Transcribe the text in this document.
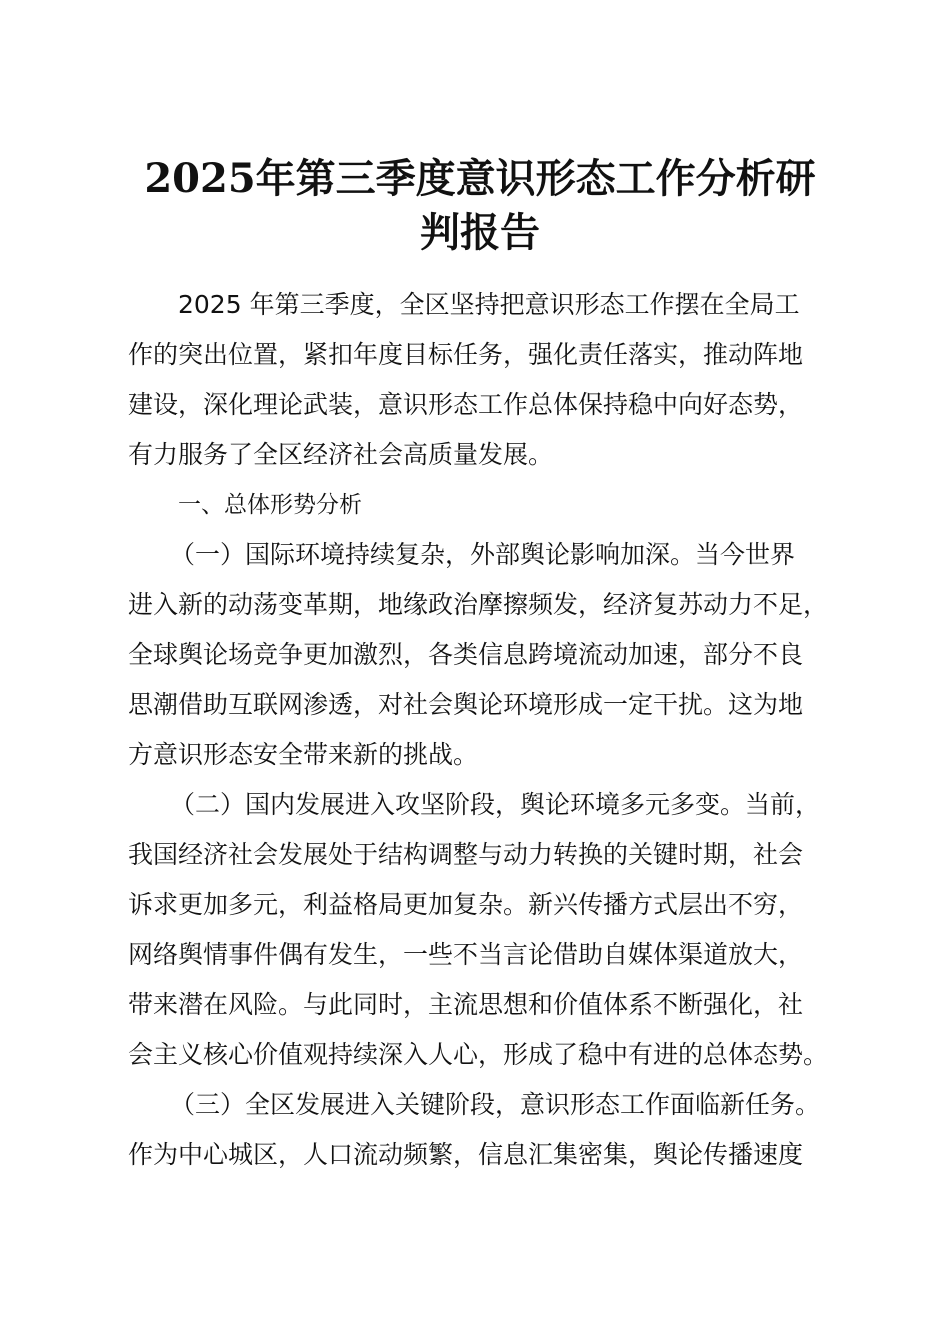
2025年第三季度意识形态工作分析研
判报告
2025 年第三季度，全区坚持把意识形态工作摆在全局工
作的突出位置，紧扣年度目标任务，强化责任落实，推动阵地
建设，深化理论武装，意识形态工作总体保持稳中向好态势，
有力服务了全区经济社会高质量发展。
一、总体形势分析
（一）国际环境持续复杂，外部舆论影响加深。当今世界
进入新的动荡变革期，地缘政治摩擦频发，经济复苏动力不足，
全球舆论场竞争更加激烈，各类信息跨境流动加速，部分不良
思潮借助互联网渗透，对社会舆论环境形成一定干扰。这为地
方意识形态安全带来新的挑战。
（二）国内发展进入攻坚阶段，舆论环境多元多变。当前，
我国经济社会发展处于结构调整与动力转换的关键时期，社会
诉求更加多元，利益格局更加复杂。新兴传播方式层出不穷，
网络舆情事件偶有发生，一些不当言论借助自媒体渠道放大，
带来潜在风险。与此同时，主流思想和价值体系不断强化，社
会主义核心价值观持续深入人心，形成了稳中有进的总体态势。
（三）全区发展进入关键阶段，意识形态工作面临新任务。
作为中心城区，人口流动频繁，信息汇集密集，舆论传播速度
